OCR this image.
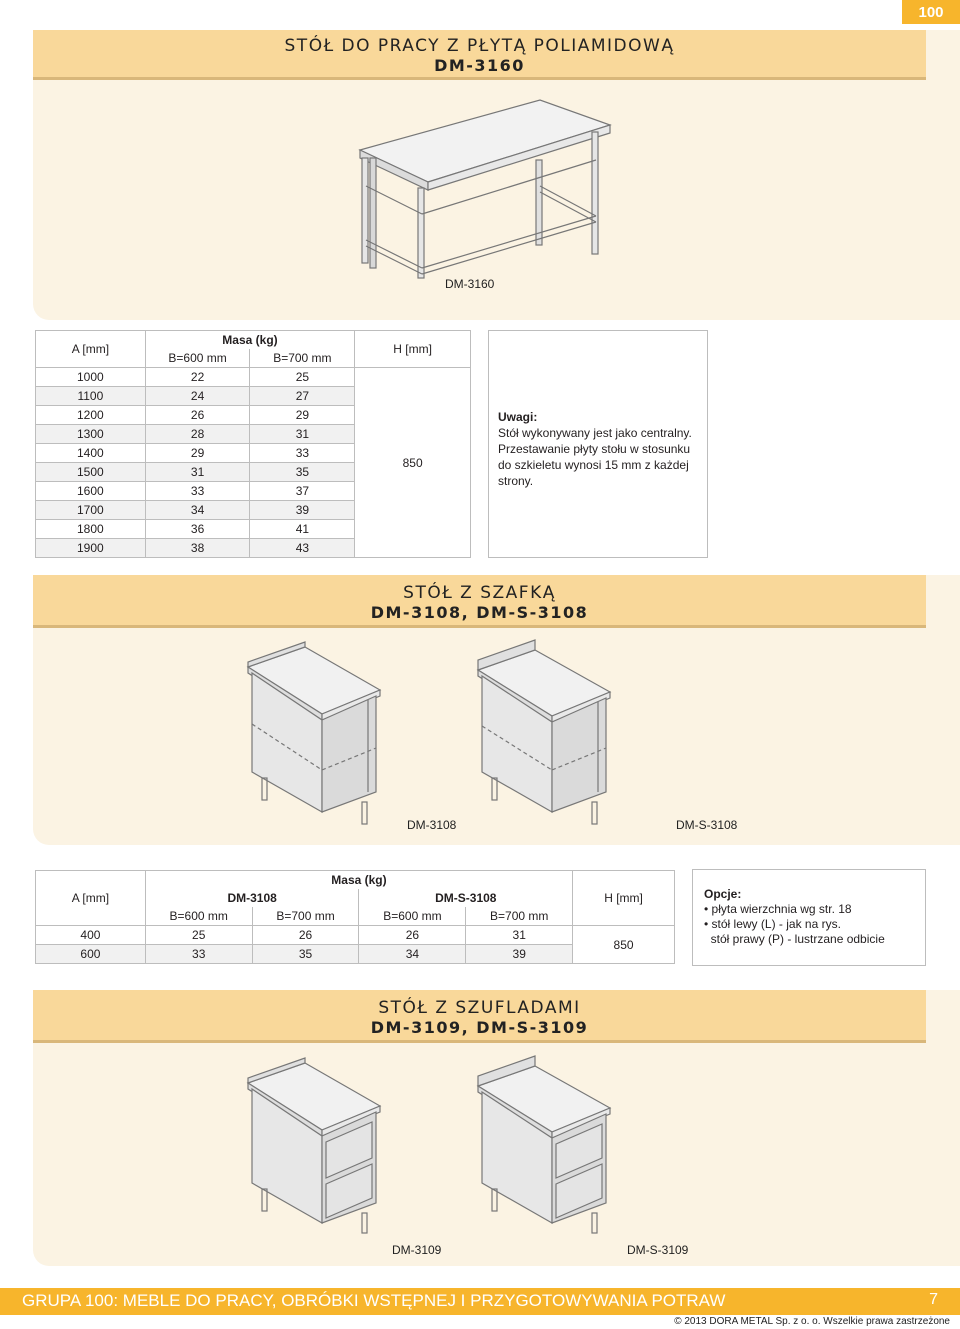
100
STÓŁ DO PRACY Z PŁYTĄ POLIAMIDOWĄ
DM-3160
DM-3160
A [mm]	Masa (kg)		H [mm]
	B=600 mm	B=700 mm	
1000	22	25	850
1100	24	27	
1200	26	29	
1300	28	31	
1400	29	33	
1500	31	35	
1600	33	37	
1700	34	39	
1800	36	41	
1900	38	43	
Uwagi:
Stół wykonywany jest jako centralny. Przestawanie płyty stołu w stosunku do szkieletu wynosi 15 mm z każdej strony.
STÓŁ Z SZAFKĄ
DM-3108, DM-S-3108
DM-3108	DM-S-3108
A [mm]	Masa (kg)				H [mm]
	DM-3108		DM-S-3108		
	B=600 mm	B=700 mm	B=600 mm	B=700 mm	
400	25	26	26	31	850
600	33	35	34	39	
Opcje:
• płyta wierzchnia wg str. 18
• stół lewy (L) - jak na rys.
stół prawy (P) - lustrzane odbicie
STÓŁ Z SZUFLADAMI
DM-3109, DM-S-3109
DM-3109	DM-S-3109
GRUPA 100: MEBLE DO PRACY, OBRÓBKI WSTĘPNEJ I PRZYGOTOWYWANIA POTRAW	7
© 2013 DORA METAL Sp. z o. o. Wszelkie prawa zastrzeżone
